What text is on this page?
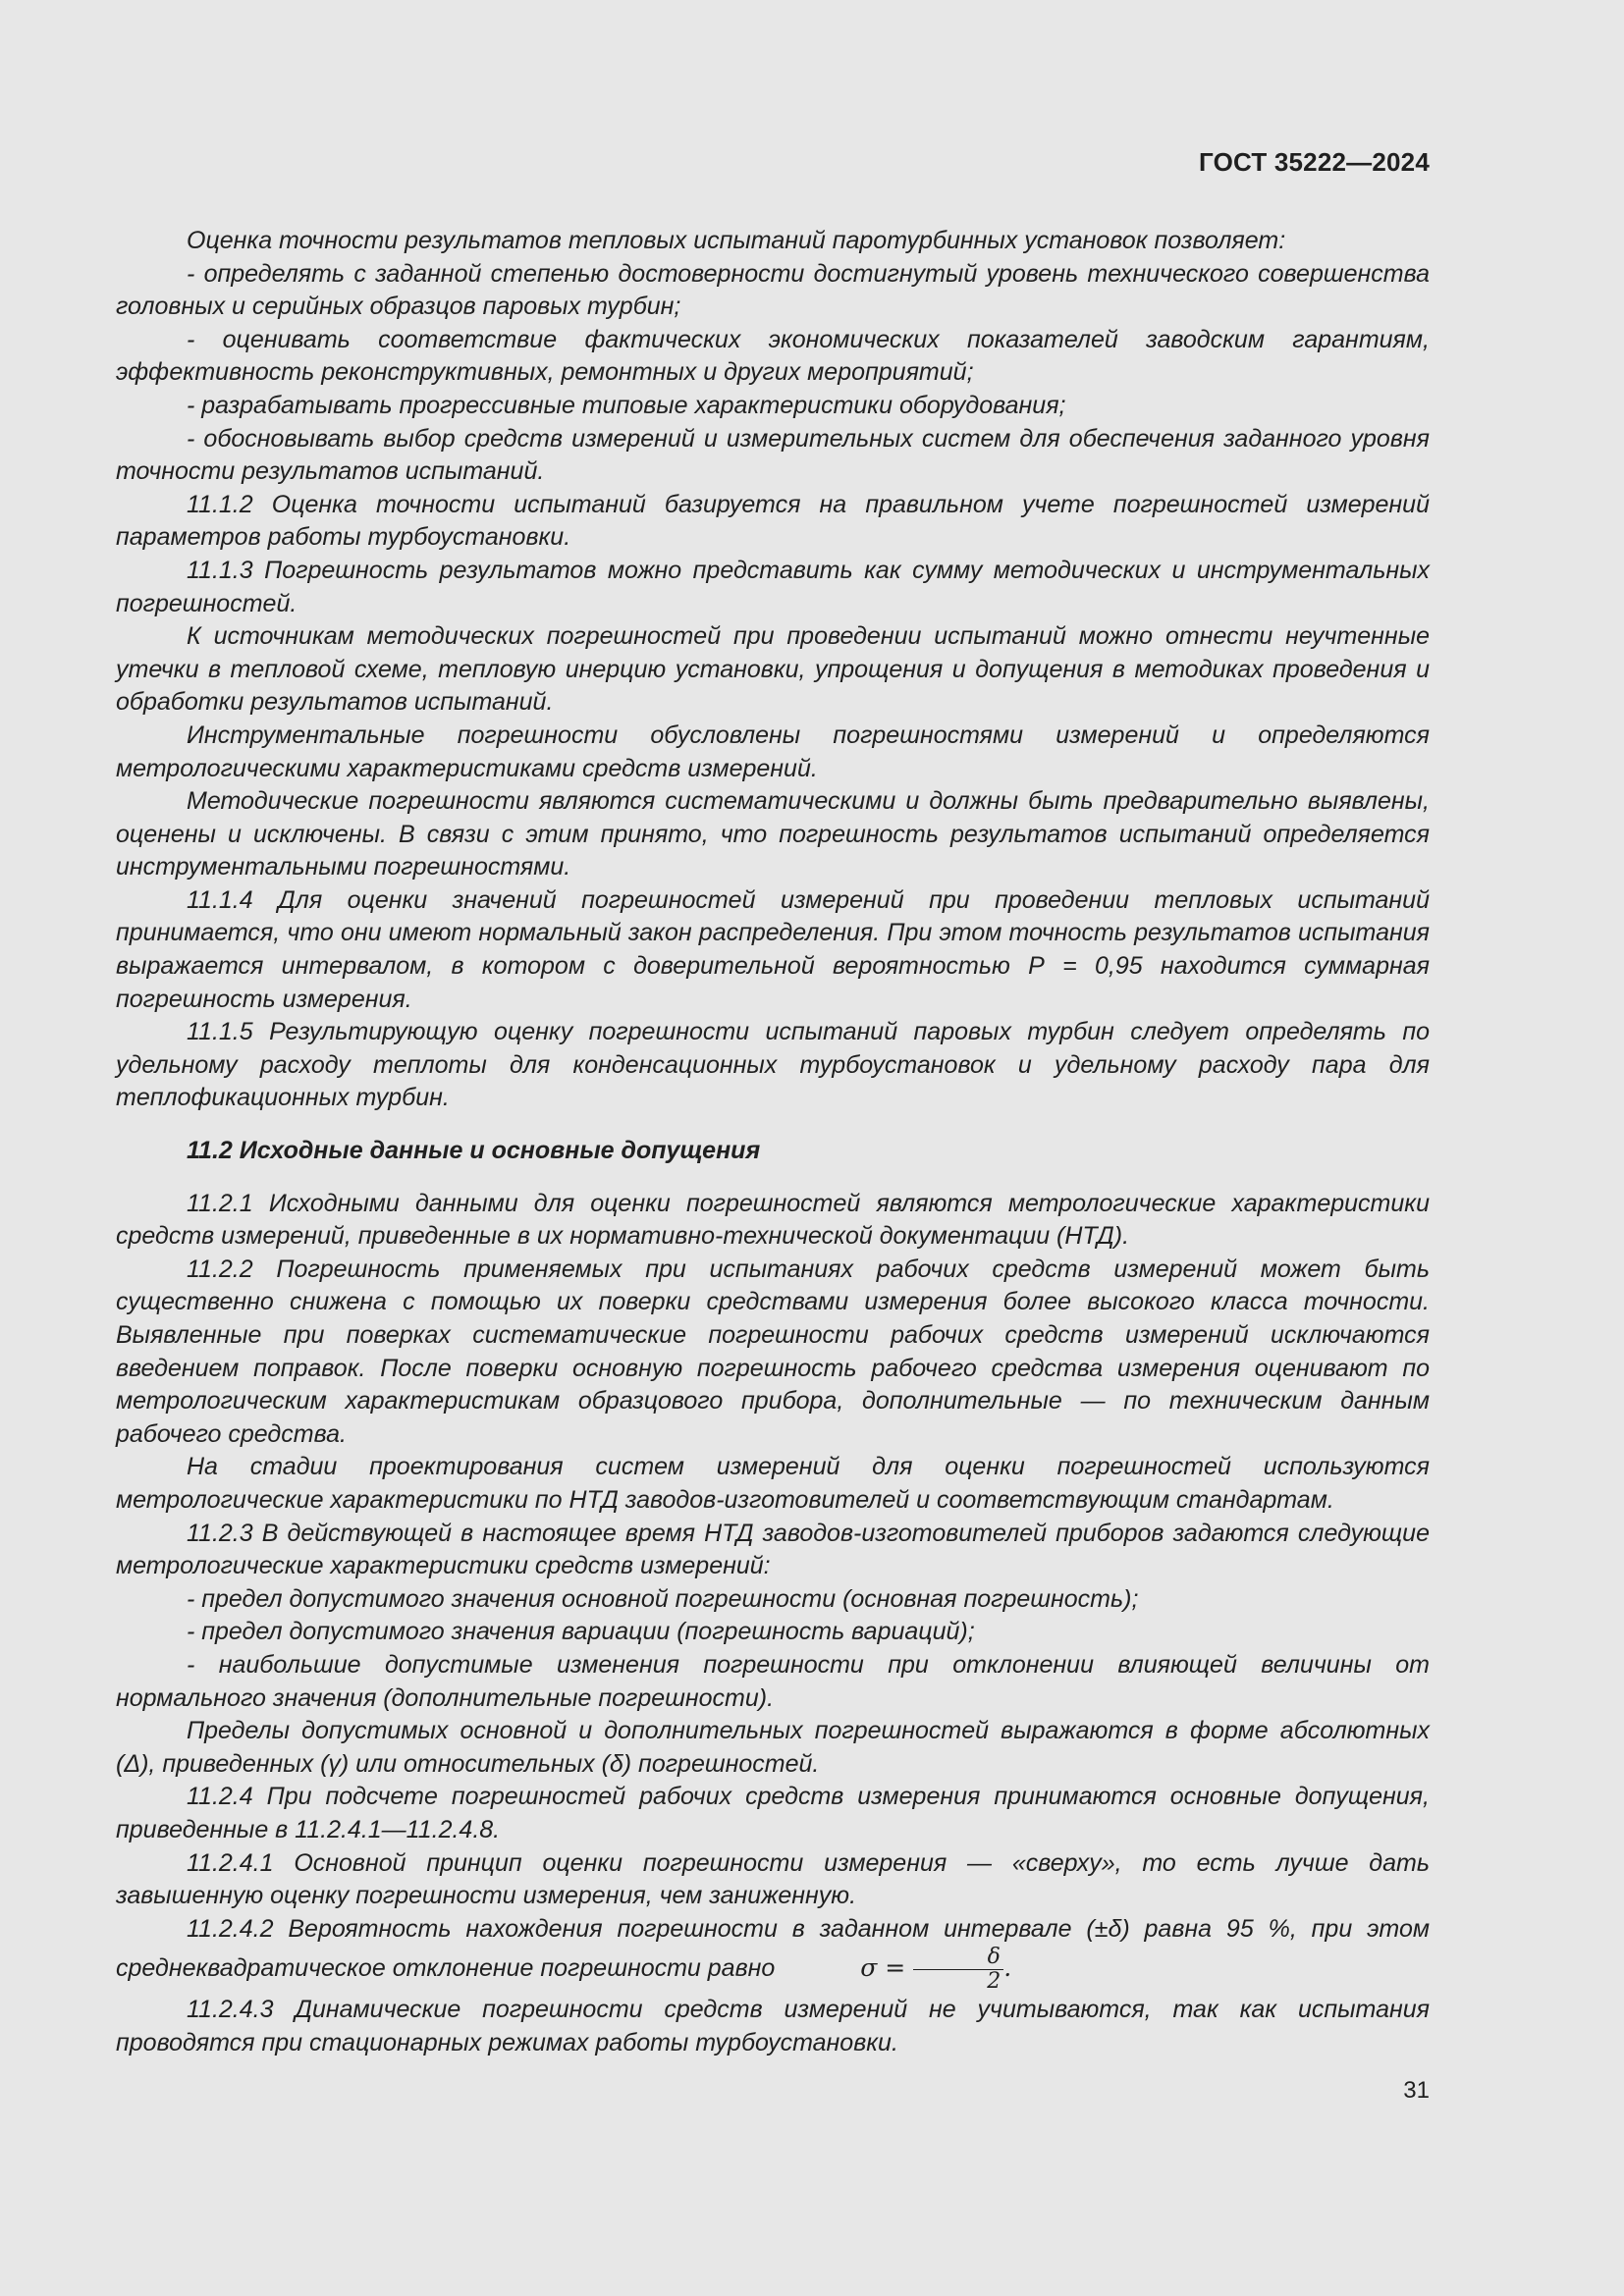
ГОСТ 35222—2024

Оценка точности результатов тепловых испытаний паротурбинных установок позволяет:

- определять с заданной степенью достоверности достигнутый уровень технического совершенства головных и серийных образцов паровых турбин;

- оценивать соответствие фактических экономических показателей заводским гарантиям, эффективность реконструктивных, ремонтных и других мероприятий;

- разрабатывать прогрессивные типовые характеристики оборудования;

- обосновывать выбор средств измерений и измерительных систем для обеспечения заданного уровня точности результатов испытаний.

11.1.2 Оценка точности испытаний базируется на правильном учете погрешностей измерений параметров работы турбоустановки.

11.1.3 Погрешность результатов можно представить как сумму методических и инструментальных погрешностей.

К источникам методических погрешностей при проведении испытаний можно отнести неучтенные утечки в тепловой схеме, тепловую инерцию установки, упрощения и допущения в методиках проведения и обработки результатов испытаний.

Инструментальные погрешности обусловлены погрешностями измерений и определяются метрологическими характеристиками средств измерений.

Методические погрешности являются систематическими и должны быть предварительно выявлены, оценены и исключены. В связи с этим принято, что погрешность результатов испытаний определяется инструментальными погрешностями.

11.1.4 Для оценки значений погрешностей измерений при проведении тепловых испытаний принимается, что они имеют нормальный закон распределения. При этом точность результатов испытания выражается интервалом, в котором с доверительной вероятностью Р = 0,95 находится суммарная погрешность измерения.

11.1.5 Результирующую оценку погрешности испытаний паровых турбин следует определять по удельному расходу теплоты для конденсационных турбоустановок и удельному расходу пара для теплофикационных турбин.

11.2 Исходные данные и основные допущения

11.2.1 Исходными данными для оценки погрешностей являются метрологические характеристики средств измерений, приведенные в их нормативно-технической документации (НТД).

11.2.2 Погрешность применяемых при испытаниях рабочих средств измерений может быть существенно снижена с помощью их поверки средствами измерения более высокого класса точности. Выявленные при поверках систематические погрешности рабочих средств измерений исключаются введением поправок. После поверки основную погрешность рабочего средства измерения оценивают по метрологическим характеристикам образцового прибора, дополнительные — по техническим данным рабочего средства.

На стадии проектирования систем измерений для оценки погрешностей используются метрологические характеристики по НТД заводов-изготовителей и соответствующим стандартам.

11.2.3 В действующей в настоящее время НТД заводов-изготовителей приборов задаются следующие метрологические характеристики средств измерений:

- предел допустимого значения основной погрешности (основная погрешность);

- предел допустимого значения вариации (погрешность вариаций);

- наибольшие допустимые изменения погрешности при отклонении влияющей величины от нормального значения (дополнительные погрешности).

Пределы допустимых основной и дополнительных погрешностей выражаются в форме абсолютных (Δ), приведенных (γ) или относительных (δ) погрешностей.

11.2.4 При подсчете погрешностей рабочих средств измерения принимаются основные допущения, приведенные в 11.2.4.1—11.2.4.8.

11.2.4.1 Основной принцип оценки погрешности измерения — «сверху», то есть лучше дать завышенную оценку погрешности измерения, чем заниженную.

11.2.4.2 Вероятность нахождения погрешности в заданном интервале (±δ) равна 95 %, при этом среднеквадратическое отклонение погрешности равно	$\sigma = \frac{\delta}{2}$ .

11.2.4.3 Динамические погрешности средств измерений не учитываются, так как испытания проводятся при стационарных режимах работы турбоустановки.

31
